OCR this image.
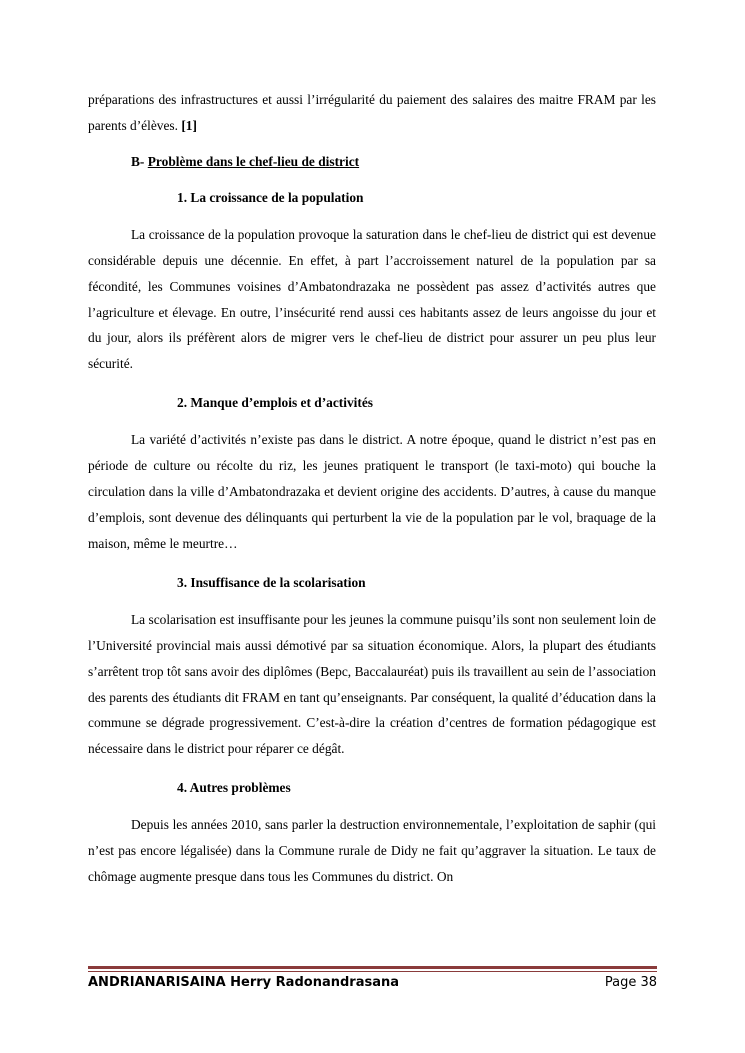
préparations des infrastructures et aussi l’irrégularité du paiement des salaires des maitre FRAM par les parents d’élèves. [1]

B- Problème dans le chef-lieu de district
1. La croissance de la population

La croissance de la population provoque la saturation dans le chef-lieu de district qui est devenue considérable depuis une décennie. En effet, à part l’accroissement naturel de la population par sa fécondité, les Communes voisines d’Ambatondrazaka ne possèdent pas assez d’activités autres que l’agriculture et élevage. En outre, l’insécurité rend aussi ces habitants assez de leurs angoisse du jour et du jour, alors ils préfèrent alors de migrer vers le chef-lieu de district pour assurer un peu plus leur sécurité.

2. Manque d’emplois et d’activités

La variété d’activités n’existe pas dans le district. A notre époque, quand le district n’est pas en période de culture ou récolte du riz, les jeunes pratiquent le transport (le taxi-moto) qui bouche la circulation dans la ville d’Ambatondrazaka et devient origine des accidents. D’autres, à cause du manque d’emplois, sont devenue des délinquants qui perturbent la vie de la population par le vol, braquage de la maison, même le meurtre…

3. Insuffisance de la scolarisation

La scolarisation est insuffisante pour les jeunes la commune puisqu’ils sont non seulement loin de l’Université provincial mais aussi démotivé par sa situation économique. Alors, la plupart des étudiants s’arrêtent trop tôt sans avoir des diplômes (Bepc, Baccalauréat) puis ils travaillent au sein de l’association des parents des étudiants dit FRAM en tant qu’enseignants. Par conséquent, la qualité d’éducation dans la commune se dégrade progressivement. C’est-à-dire la création d’centres de formation pédagogique est nécessaire dans le district pour réparer ce dégât.

4. Autres problèmes

Depuis les années 2010, sans parler la destruction environnementale, l’exploitation de saphir (qui n’est pas encore légalisée) dans la Commune rurale de Didy ne fait qu’aggraver la situation. Le taux de chômage augmente presque dans tous les Communes du district. On

ANDRIANARISAINA Herry Radonandrasana	Page 38
